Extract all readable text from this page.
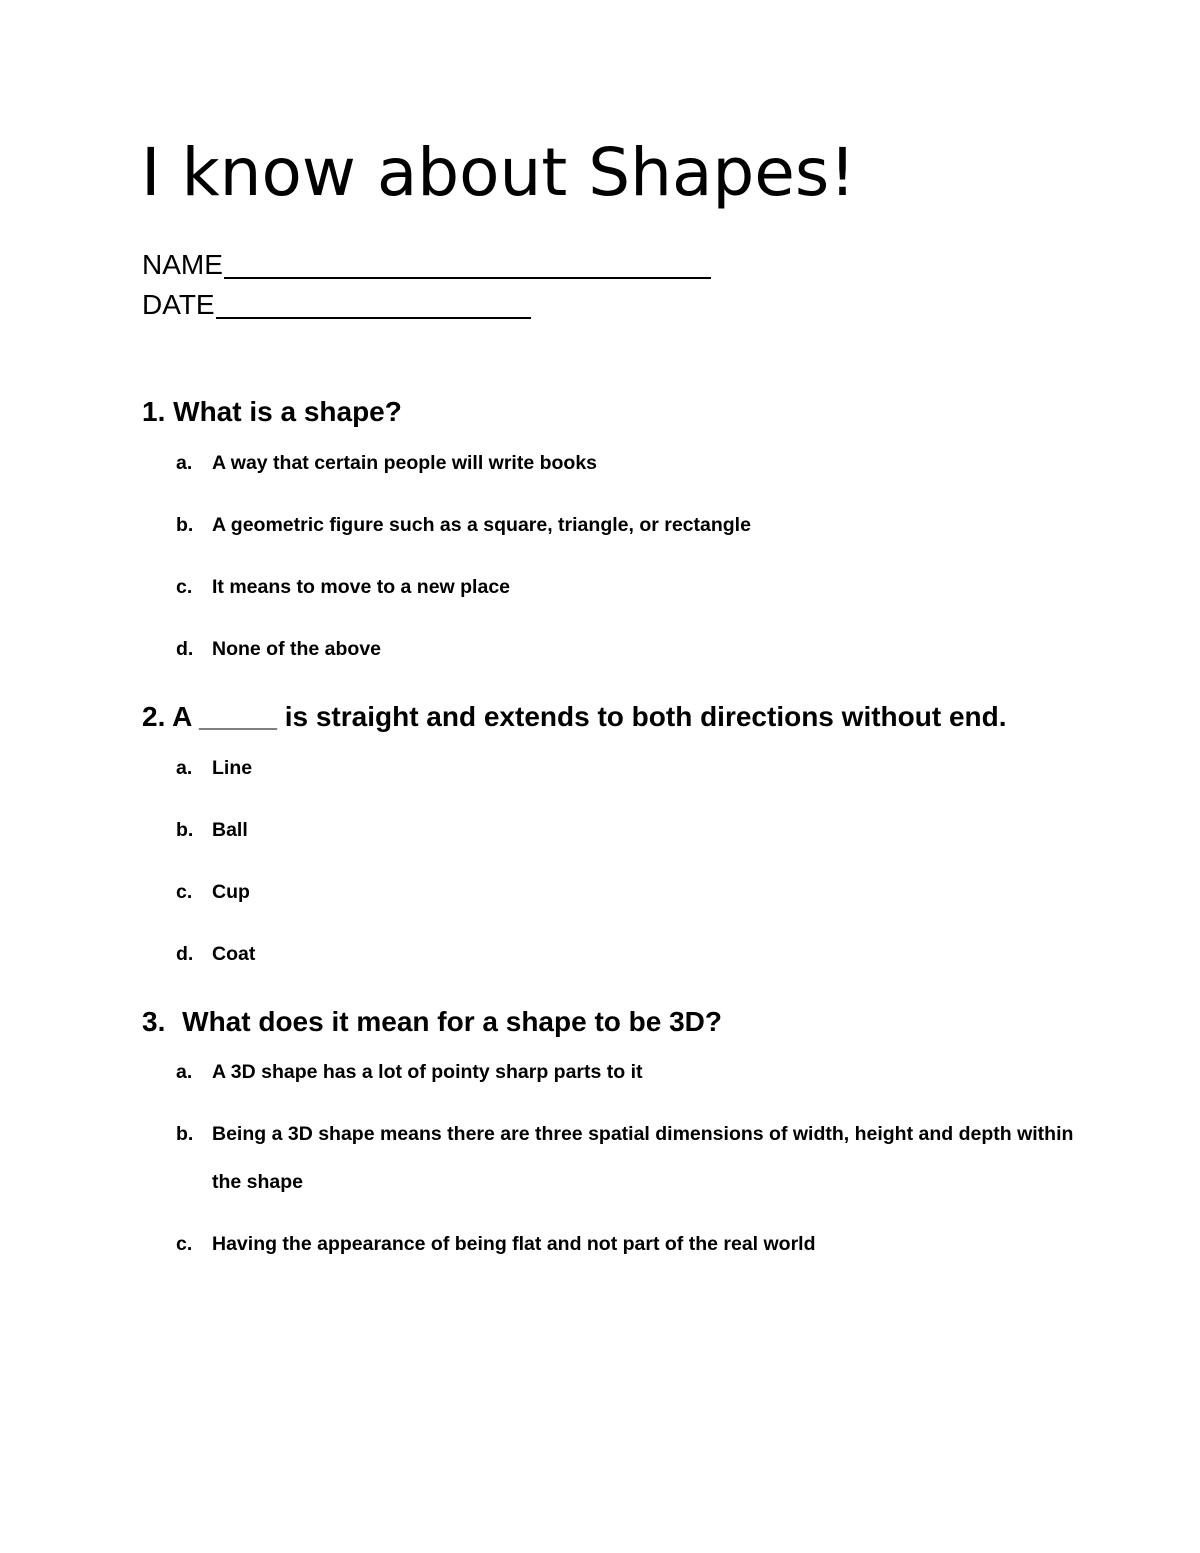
I know about Shapes!
NAME
DATE
1. What is a shape?
a. A way that certain people will write books
b. A geometric figure such as a square, triangle, or rectangle
c. It means to move to a new place
d. None of the above
2. A _____ is straight and extends to both directions without end.
a. Line
b. Ball
c. Cup
d. Coat
3. What does it mean for a shape to be 3D?
a. A 3D shape has a lot of pointy sharp parts to it
b. Being a 3D shape means there are three spatial dimensions of width, height and depth within the shape
c. Having the appearance of being flat and not part of the real world
